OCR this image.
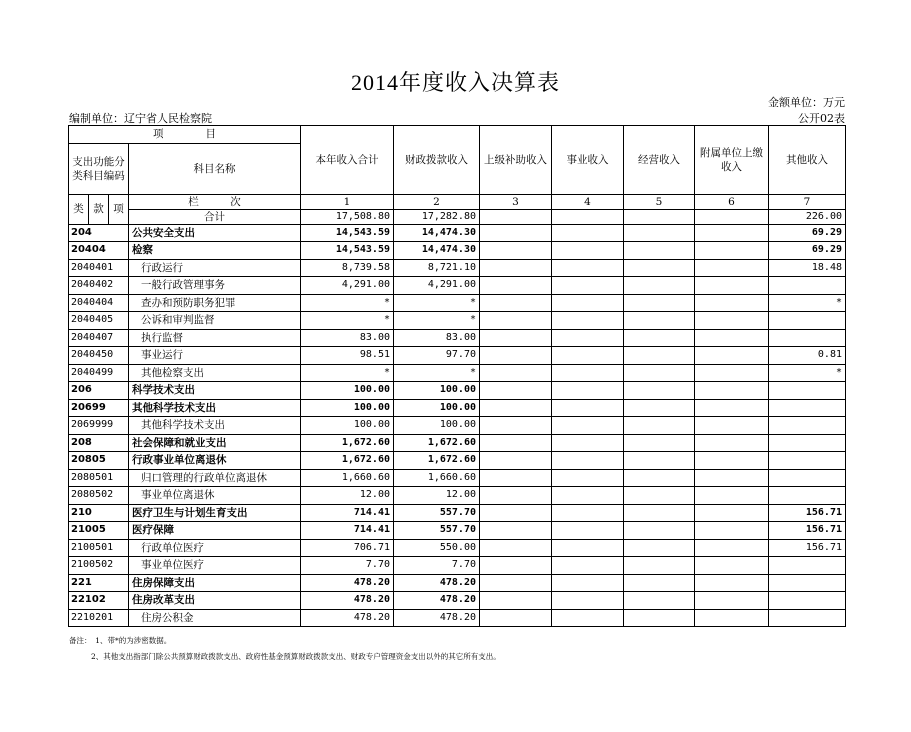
2014年度收入决算表
金额单位：万元
编制单位：辽宁省人民检察院	公开02表
项　　　　目				本年收入合计	财政拨款收入	上级补助收入	事业收入	经营收入	附属单位上缴收入	其他收入
支出功能分类科目编码			科目名称							
类	款	项	栏　　　次	1	2	3	4	5	6	7
			合计	17,508.80	17,282.80					226.00
204			公共安全支出	14,543.59	14,474.30					69.29
20404			检察	14,543.59	14,474.30					69.29
2040401			行政运行	8,739.58	8,721.10					18.48
2040402			一般行政管理事务	4,291.00	4,291.00					
2040404			查办和预防职务犯罪	*	*					*
2040405			公诉和审判监督	*	*					
2040407			执行监督	83.00	83.00					
2040450			事业运行	98.51	97.70					0.81
2040499			其他检察支出	*	*					*
206			科学技术支出	100.00	100.00					
20699			其他科学技术支出	100.00	100.00					
2069999			其他科学技术支出	100.00	100.00					
208			社会保障和就业支出	1,672.60	1,672.60					
20805			行政事业单位离退休	1,672.60	1,672.60					
2080501			归口管理的行政单位离退休	1,660.60	1,660.60					
2080502			事业单位离退休	12.00	12.00					
210			医疗卫生与计划生育支出	714.41	557.70					156.71
21005			医疗保障	714.41	557.70					156.71
2100501			行政单位医疗	706.71	550.00					156.71
2100502			事业单位医疗	7.70	7.70					
221			住房保障支出	478.20	478.20					
22102			住房改革支出	478.20	478.20					
2210201			住房公积金	478.20	478.20					
备注：　1、带*的为涉密数据。
2、其他支出指部门除公共预算财政拨款支出、政府性基金预算财政拨款支出、财政专户管理资金支出以外的其它所有支出。
